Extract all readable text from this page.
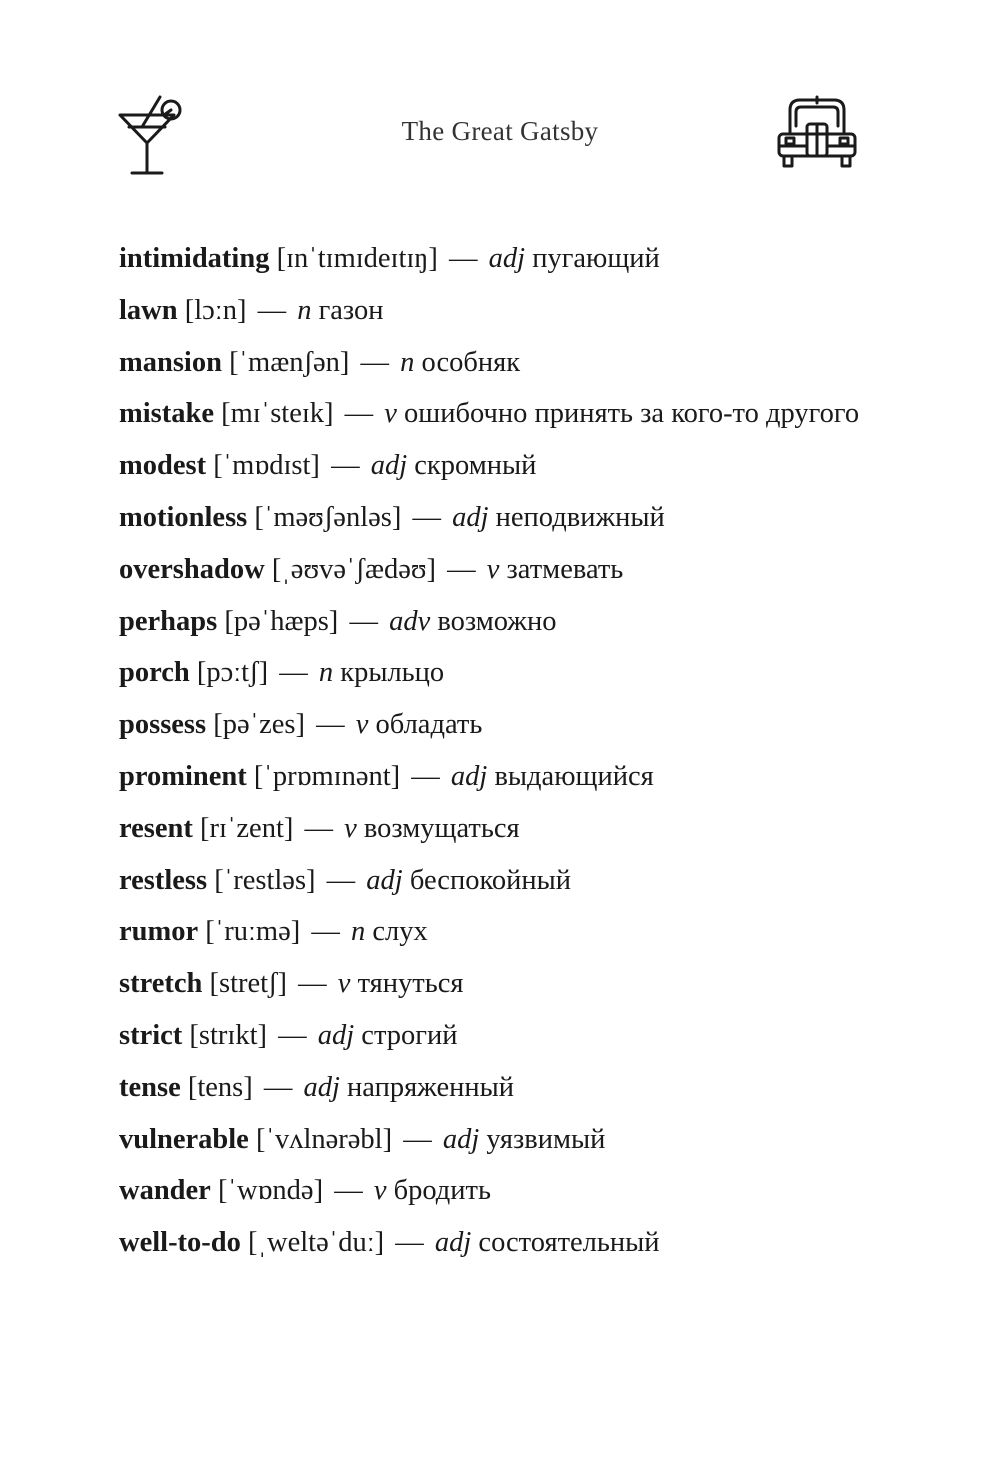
The Great Gatsby
intimidating [ɪnˈtɪmɪdeɪtɪŋ] — adj пугающий
lawn [lɔːn] — n газон
mansion [ˈmænʃən] — n особняк
mistake [mɪˈsteɪk] — v ошибочно принять за кого-то другого
modest [ˈmɒdɪst] — adj скромный
motionless [ˈməʊʃənləs] — adj неподвижный
overshadow [ˌəʊvəˈʃædəʊ] — v затмевать
perhaps [pəˈhæps] — adv возможно
porch [pɔːtʃ] — n крыльцо
possess [pəˈzes] — v обладать
prominent [ˈprɒmɪnənt] — adj выдающийся
resent [rɪˈzent] — v возмущаться
restless [ˈrestləs] — adj беспокойный
rumor [ˈruːmə] — n слух
stretch [stretʃ] — v тянуться
strict [strɪkt] — adj строгий
tense [tens] — adj напряженный
vulnerable [ˈvʌlnərəbl] — adj уязвимый
wander [ˈwɒndə] — v бродить
well-to-do [ˌweltəˈduː] — adj состоятельный
